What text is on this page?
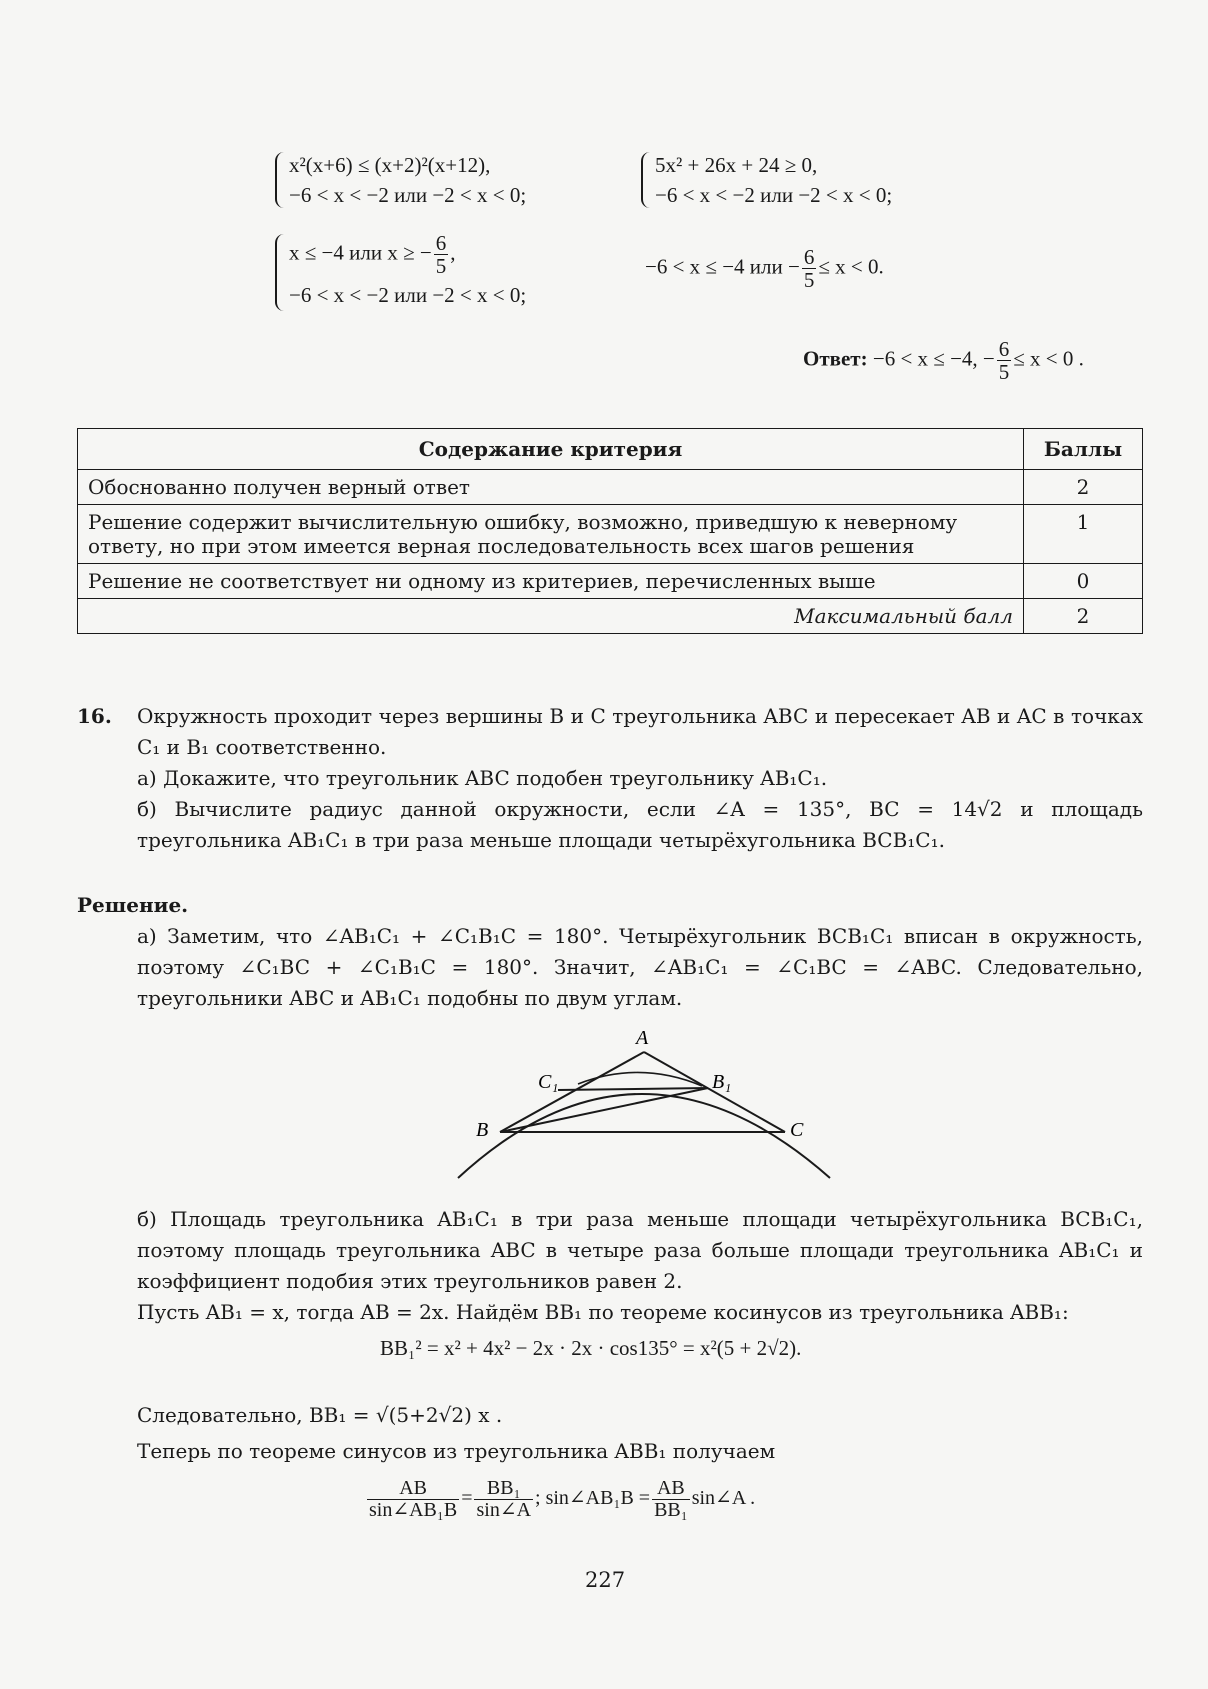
x²(x+6) ≤ (x+2)²(x+12),
−6 < x < −2 или −2 < x < 0;
5x² + 26x + 24 ≥ 0,
−6 < x < −2 или −2 < x < 0;
x ≤ −4 или x ≥ − $\frac{6}{5}$ ,
−6 < x < −2 или −2 < x < 0;
−6 < x ≤ −4 или − $\frac{6}{5} \le x < 0$.
Ответ: −6 < x ≤ −4, − $\frac{6}{5} \le x < 0$ .
Содержание критерия	Баллы
Обоснованно получен верный ответ	2
Решение содержит вычислительную ошибку, возможно, приведшую к неверному ответу, но при этом имеется верная последовательность всех шагов решения	1
Решение не соответствует ни одному из критериев, перечисленных выше	0
Максимальный балл	2
16. Окружность проходит через вершины B и C треугольника ABC и пересекает AB и AC в точках C₁ и B₁ соответственно.
а) Докажите, что треугольник ABC подобен треугольнику AB₁C₁.
б) Вычислите радиус данной окружности, если ∠A = 135°, BC = 14√2 и площадь треугольника AB₁C₁ в три раза меньше площади четырёхугольника BCB₁C₁.
Решение.
а) Заметим, что ∠AB₁C₁ + ∠C₁B₁C = 180°. Четырёхугольник BCB₁C₁ вписан в окружность, поэтому ∠C₁BC + ∠C₁B₁C = 180°. Значит, ∠AB₁C₁ = ∠C₁BC = ∠ABC. Следовательно, треугольники ABC и AB₁C₁ подобны по двум углам.
A
C₁	B₁
B	C
б) Площадь треугольника AB₁C₁ в три раза меньше площади четырёхугольника BCB₁C₁, поэтому площадь треугольника ABC в четыре раза больше площади треугольника AB₁C₁ и коэффициент подобия этих треугольников равен 2.
Пусть AB₁ = x, тогда AB = 2x. Найдём BB₁ по теореме косинусов из треугольника ABB₁:
BB₁² = x² + 4x² − 2x · 2x · cos135° = x²(5 + 2√2).
Следовательно, BB₁ = √(5+2√2) x .
Теперь по теореме синусов из треугольника ABB₁ получаем
$\frac{AB}{\text{sin∠AB₁B}} = \frac{\text{BB₁}}{\sin\angle A}$ ; sin∠AB₁B = $\frac{AB}{\text{BB₁}}$ sin∠A .
227
